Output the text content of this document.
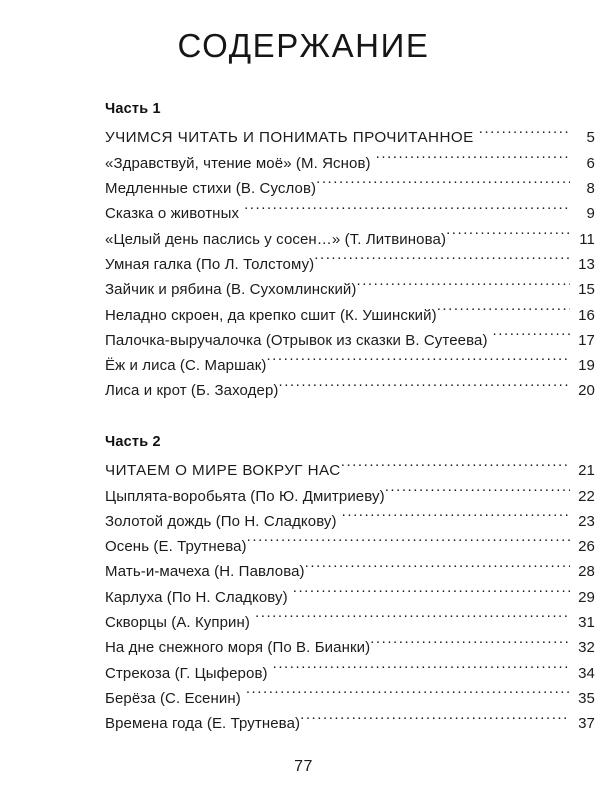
СОДЕРЖАНИЕ
Часть 1
УЧИМСЯ ЧИТАТЬ И ПОНИМАТЬ ПРОЧИТАННОЕ .....	5
«Здравствуй, чтение моё» (М. Яснов) .....	6
Медленные стихи (В. Суслов) .....	8
Сказка о животных .....	9
«Целый день паслись у сосен…» (Т. Литвинова) .....	11
Умная галка (По Л. Толстому) .....	13
Зайчик и рябина (В. Сухомлинский) .....	15
Неладно скроен, да крепко сшит (К. Ушинский) .....	16
Палочка-выручалочка (Отрывок из сказки В. Сутеева) .....	17
Ёж и лиса (С. Маршак) .....	19
Лиса и крот (Б. Заходер) .....	20
Часть 2
ЧИТАЕМ О МИРЕ ВОКРУГ НАС .....	21
Цыплята-воробьята (По Ю. Дмитриеву) .....	22
Золотой дождь (По Н. Сладкову) .....	23
Осень (Е. Трутнева) .....	26
Мать-и-мачеха (Н. Павлова) .....	28
Карлуха (По Н. Сладкову) .....	29
Скворцы (А. Куприн) .....	31
На дне снежного моря (По В. Бианки) .....	32
Стрекоза (Г. Цыферов) .....	34
Берёза (С. Есенин) .....	35
Времена года (Е. Трутнева) .....	37
77
